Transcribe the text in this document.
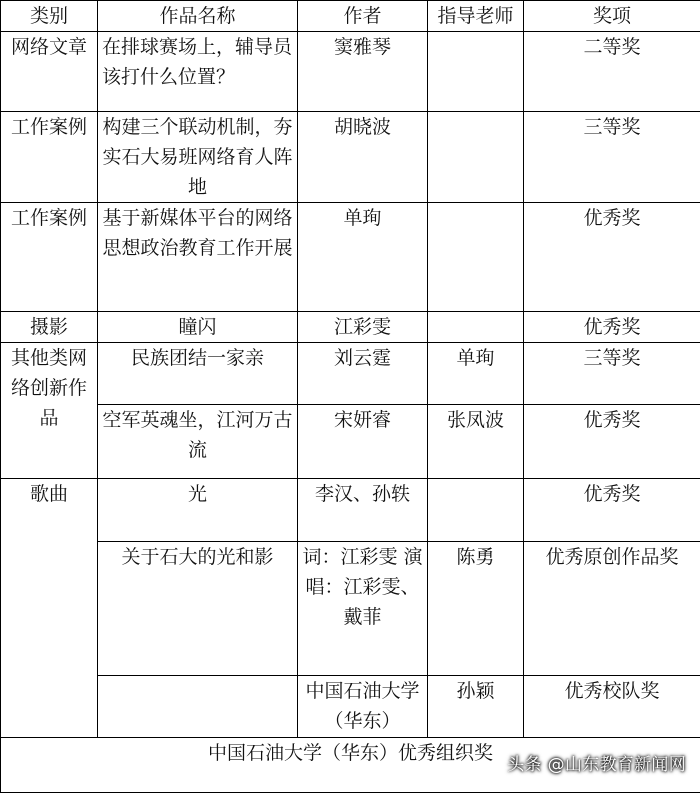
类别	作品名称	作者	指导老师	奖项
网络文章	在排球赛场上，辅导员该打什么位置？	窦雅琴		二等奖
工作案例	构建三个联动机制，夯实石大易班网络育人阵地	胡晓波		三等奖
工作案例	基于新媒体平台的网络思想政治教育工作开展	单珣		优秀奖
摄影	瞳闪	江彩雯		优秀奖
其他类网络创新作品	民族团结一家亲	刘云霆	单珣	三等奖
	空军英魂坐，江河万古流	宋妍睿	张凤波	优秀奖
歌曲	光	李汉、孙轶		优秀奖
	关于石大的光和影	词：江彩雯 演唱：江彩雯、戴菲	陈勇	优秀原创作品奖
		中国石油大学（华东）	孙颖	优秀校队奖
中国石油大学（华东）优秀组织奖				
头条 @山东教育新闻网
